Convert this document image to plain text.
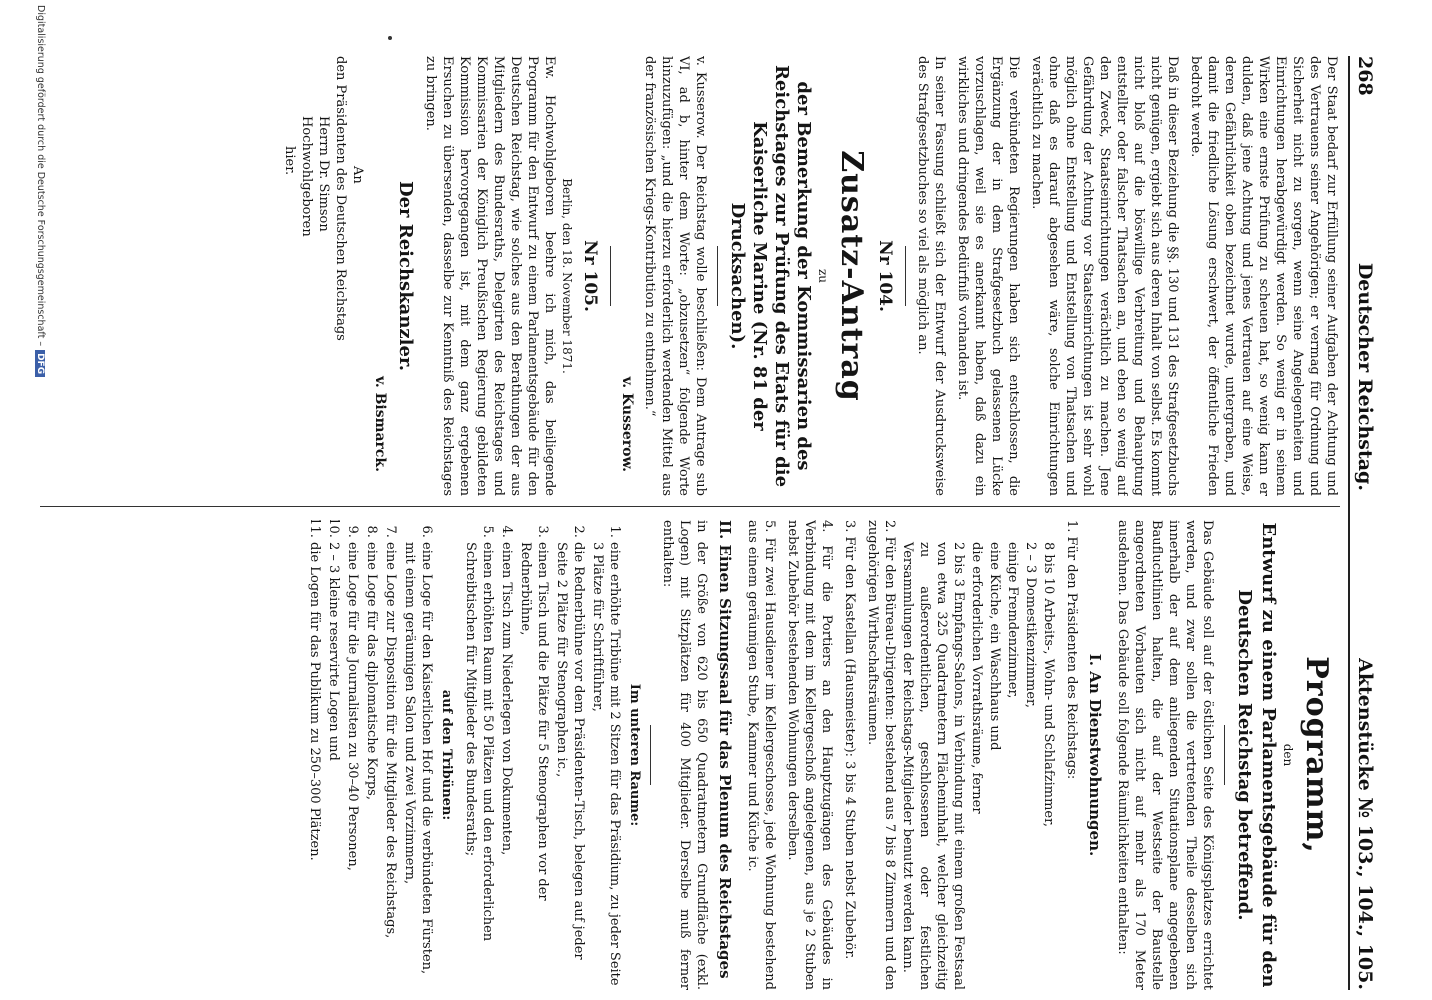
268
Deutscher Reichstag.
Aktenstücke № 103., 104., 105.

Der Staat bedarf zur Erfüllung seiner Aufgaben der Achtung und des Vertrauens seiner Angehörigen; er vermag für Ordnung und Sicherheit nicht zu sorgen, wenn seine Angelegenheiten und Einrichtungen herabgewürdigt werden. So wenig er in seinem Wirken eine ernste Prüfung zu scheuen hat, so wenig kann er dulden, daß jene Achtung und jenes Vertrauen auf eine Weise, deren Gefährlichkeit oben bezeichnet wurde, untergraben, und damit die friedliche Lösung erschwert, der öffentliche Frieden bedroht werde.

Daß in dieser Beziehung die §§. 130 und 131 des Strafgesetzbuchs nicht genügen, ergiebt sich aus deren Inhalt von selbst. Es kommt nicht bloß auf die böswillige Verbreitung und Behauptung entstellter oder falscher Thatsachen an, und eben so wenig auf den Zweck, Staatseinrichtungen verächtlich zu machen. Jene Gefährdung der Achtung vor Staatseinrichtungen ist sehr wohl möglich ohne Entstellung und Entstellung von Thatsachen und ohne daß es darauf abgesehen wäre, solche Einrichtungen verächtlich zu machen.

Die verbündeten Regierungen haben sich entschlossen, die Ergänzung der in dem Strafgesetzbuch gelassenen Lücke vorzuschlagen, weil sie es anerkannt haben, daß dazu ein wirkliches und dringendes Bedürfniß vorhanden ist.

In seiner Fassung schließt sich der Entwurf der Ausdrucksweise des Strafgesetzbuches so viel als möglich an.

Nr 104.
Zusatz-Antrag
zu
der Bemerkung der Kommissarien des Reichstages zur Prüfung des Etats für die Kaiserliche Marine (Nr. 81 der Drucksachen).

v. Kusserow. Der Reichstag wolle beschließen: Dem Antrage sub VI, ad b, hinter dem Worte: „obzusetzen“ folgende Worte hinzuzufügen: „und die hierzu erforderlich werdenden Mittel aus der französischen Kriegs-Kontribution zu entnehmen.“

v. Kusserow.
Nr 105.
Berlin, den 18. November 1871.

Ew. Hochwohlgeboren beehre ich mich, das beiliegende Programm für den Entwurf zu einem Parlamentsgebäude für den Deutschen Reichstag, wie solches aus den Berathungen der aus Mitgliedern des Bundesraths, Delegirten des Reichstages und Kommissarien der Königlich Preußischen Regierung gebildeten Kommission hervorgegangen ist, mit dem ganz ergebenen Ersuchen zu übersenden, dasselbe zur Kenntniß des Reichstages zu bringen.

Der Reichskanzler.
v. Bismarck.
An
den Präsidenten des Deutschen Reichstags
Herrn Dr. Simson
Hochwohlgeboren
hier.
Programm,
den
Entwurf zu einem Parlamentsgebäude für den
Deutschen Reichstag betreffend.

Das Gebäude soll auf der östlichen Seite des Königsplatzes errichtet werden, und zwar sollen die vertretenden Theile desselben sich innerhalb der auf dem anliegenden Situationsplane angegebenen Baufluchtlinien halten, die auf der Westseite der Baustelle angeordneten Vorbauten sich nicht auf mehr als 170 Meter ausdehnen. Das Gebäude soll folgende Räumlichkeiten enthalten:

I. An Dienstwohnungen.

1. Für den Präsidenten des Reichstags:

8 bis 10 Arbeits-, Wohn- und Schlafzimmer,

2 – 3 Domestikenzimmer,

einige Fremdenzimmer,

eine Küche, ein Waschhaus und

die erforderlichen Vorrathsräume, ferner

2 bis 3 Empfangs-Salons, in Verbindung mit einem großen Festsaal von etwa 325 Quadratmetern Flächeninhalt, welcher gleichzeitig zu außerordentlichen, geschlossenen oder festlichen Versammlungen der Reichstags-Mitglieder benutzt werden kann.

2. Für den Büreau-Dirigenten: bestehend aus 7 bis 8 Zimmern und den zugehörigen Wirthschaftsräumen.

3. Für den Kastellan (Hausmeister): 3 bis 4 Stuben nebst Zubehör.

4. Für die Portiers an den Hauptzugängen des Gebäudes in Verbindung mit dem im Kellergeschoß angelegenen, aus je 2 Stuben nebst Zubehör bestehenden Wohnungen derselben.

5. Für zwei Hausdiener im Kellergeschosse, jede Wohnung bestehend aus einem geräumigen Stube, Kammer und Küche ic.

II. Einen Sitzungssaal für das Plenum des Reichstages

in der Größe von 620 bis 650 Quadratmetern Grundfläche (exkl. Logen) mit Sitzplätzen für 400 Mitglieder. Derselbe muß ferner enthalten:

Im unteren Raume:
1. eine erhöhte Tribüne mit 2 Sitzen für das Präsidium, zu jeder Seite 3 Plätze für Schriftführer,
2. die Rednerbühne vor dem Präsidenten-Tisch, belegen auf jeder Seite 2 Plätze für Stenographen ic.,
3. einen Tisch und die Plätze für 5 Stenographen vor der Rednerbühne,
4. einen Tisch zum Niederlegen von Dokumenten,
5. einen erhöhten Raum mit 50 Plätzen und den erforderlichen Schreibtischen für Mitglieder des Bundesraths;
auf den Tribünen:
6. eine Loge für den Kaiserlichen Hof und die verbündeten Fürsten, mit einem geräumigen Salon und zwei Vorzimmern,
7. eine Loge zur Disposition für die Mitglieder des Reichstags,
8. eine Loge für das diplomatische Korps,
9. eine Loge für die Journalisten zu 30–40 Personen,
10. 2 – 3 kleine reservirte Logen und
11. die Logen für das Publikum zu 250–300 Plätzen.
Digitalisierung gefördert durch die Deutsche Forschungsgemeinschaft –DFG
